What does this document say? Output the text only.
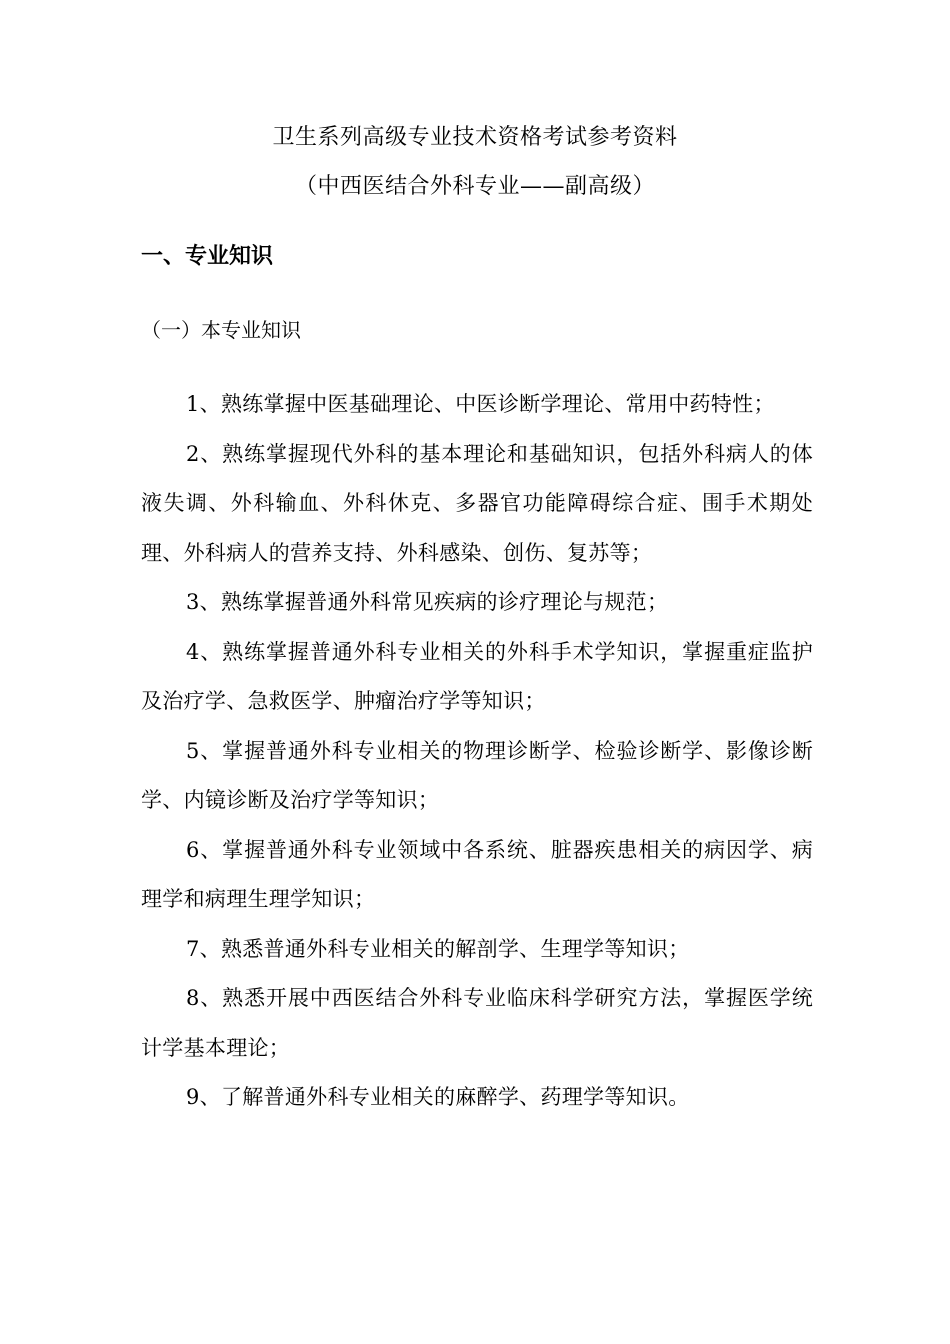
卫生系列高级专业技术资格考试参考资料
（中西医结合外科专业——副高级）
一、专业知识
（一）本专业知识

1、熟练掌握中医基础理论、中医诊断学理论、常用中药特性；

2、熟练掌握现代外科的基本理论和基础知识，包括外科病人的体液失调、外科输血、外科休克、多器官功能障碍综合症、围手术期处理、外科病人的营养支持、外科感染、创伤、复苏等；

3、熟练掌握普通外科常见疾病的诊疗理论与规范；

4、熟练掌握普通外科专业相关的外科手术学知识，掌握重症监护及治疗学、急救医学、肿瘤治疗学等知识；

5、掌握普通外科专业相关的物理诊断学、检验诊断学、影像诊断学、内镜诊断及治疗学等知识；

6、掌握普通外科专业领域中各系统、脏器疾患相关的病因学、病理学和病理生理学知识；

7、熟悉普通外科专业相关的解剖学、生理学等知识；

8、熟悉开展中西医结合外科专业临床科学研究方法，掌握医学统计学基本理论；

9、了解普通外科专业相关的麻醉学、药理学等知识。
